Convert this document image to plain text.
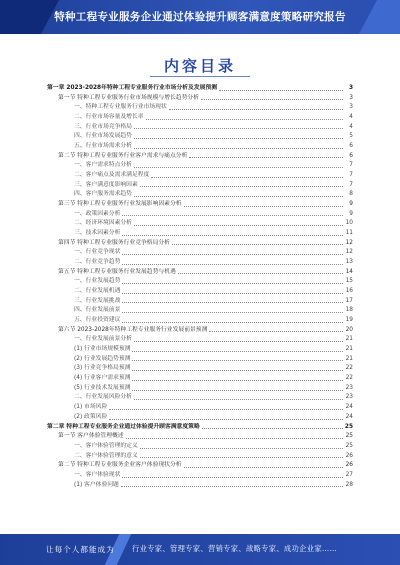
特种工程专业服务企业通过体验提升顾客满意度策略研究报告
内容目录
第一章 2023-2028年特种工程专业服务行业市场分析及发展预测	3
第一节 特种工程专业服务行业市场规模与增长趋势分析	3
一、特种工程专业服务行业市场现状	3
二、行业市场容量及增长率	4
三、行业市场竞争格局	4
四、行业市场发展趋势	5
五、行业市场需求分析	6
第二节 特种工程专业服务行业客户需求与痛点分析	6
一、客户需求特点分析	7
二、客户痛点及需求满足程度	7
三、客户满意度影响因素	7
四、客户服务需求趋势	8
第三节 特种工程专业服务行业发展影响因素分析	9
一、政策因素分析	9
二、经济环境因素分析	10
三、技术因素分析	11
第四节 特种工程专业服务行业竞争格局分析	12
一、行业竞争现状	12
二、行业竞争趋势	13
第五节 特种工程专业服务行业发展趋势与机遇	14
一、行业发展趋势	15
二、行业发展机遇	16
三、行业发展挑战	17
四、行业发展前景	18
五、行业投资建议	19
第六节 2023-2028年特种工程专业服务行业发展前景预测	20
一、行业发展前景分析	21
(1) 行业市场规模预测	21
(2) 行业发展趋势预测	21
(3) 行业竞争格局预测	22
(4) 行业客户需求预测	22
(5) 行业技术发展预测	23
二、行业发展风险分析	23
(1) 市场风险	24
(2) 政策风险	24
第二章 特种工程专业服务企业通过体验提升顾客满意度策略	25
第一节 客户体验管理概述	25
一、客户体验管理的定义	25
二、客户体验管理的意义	26
第二节 特种工程专业服务企业客户体验现状分析	26
一、客户体验现状	27
(1) 客户体验问题	28
让每个人都能成为 行业专家、管理专家、营销专家、战略专家、成功企业家……
